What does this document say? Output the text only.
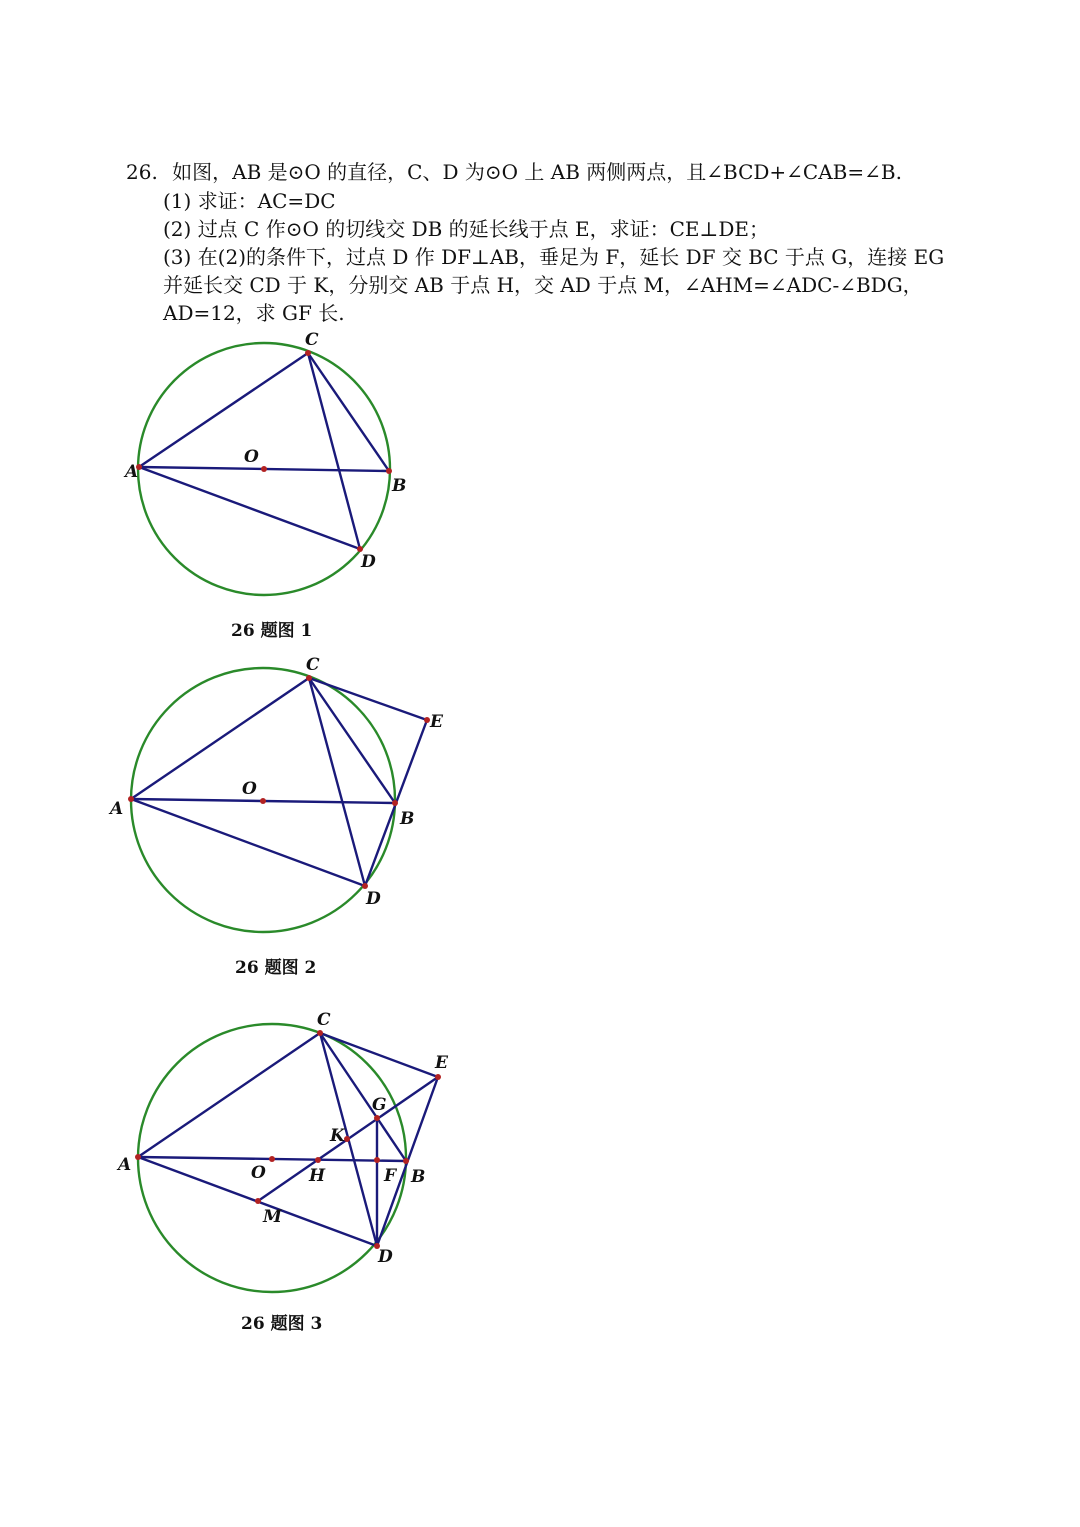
26. 如图，AB 是⊙O 的直径，C、D 为⊙O 上 AB 两侧两点，且∠BCD+∠CAB=∠B.
(1) 求证：AC=DC
(2) 过点 C 作⊙O 的切线交 DB 的延长线于点 E，求证：CE⊥DE；
(3) 在(2)的条件下，过点 D 作 DF⊥AB，垂足为 F，延长 DF 交 BC 于点 G，连接 EG
并延长交 CD 于 K，分别交 AB 于点 H，交 AD 于点 M，∠AHM=∠ADC-∠BDG，
AD=12，求 GF 长.
C
O
A
B
D
26 题图 1
C
E
O
A	B
D
26 题图 2
C
E
G
K
A	O	H	F B
M
D
26 题图 3
